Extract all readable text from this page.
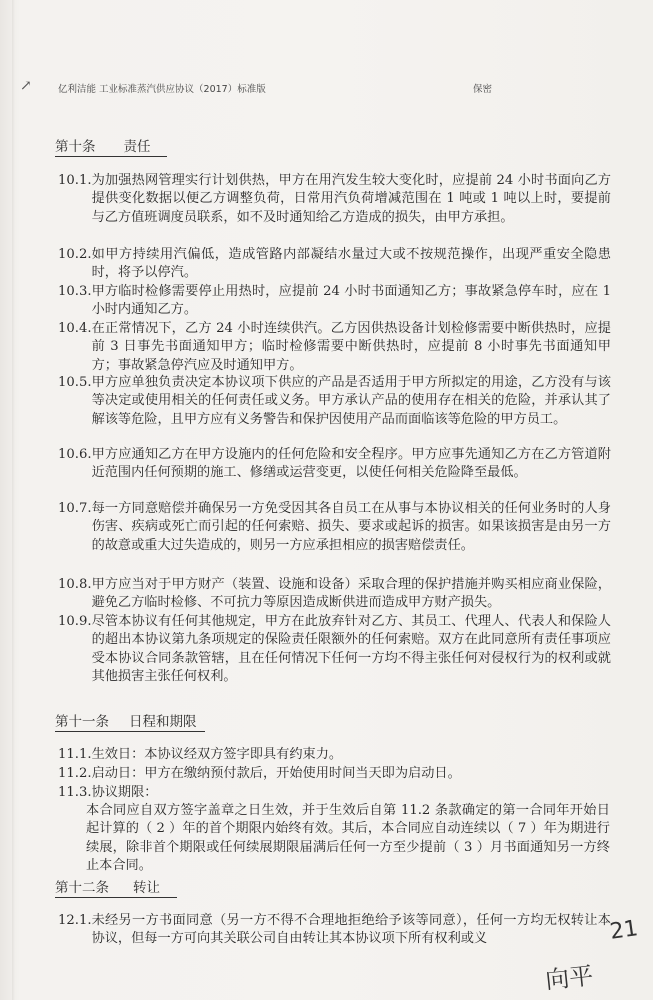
↗	亿利洁能 工业标准蒸汽供应协议（2017）标准版	保密
第十条 责任
10.1. 为加强热网管理实行计划供热，甲方在用汽发生较大变化时，应提前 24 小时书面向乙方提供变化数据以便乙方调整负荷，日常用汽负荷增减范围在 1 吨或 1 吨以上时，要提前与乙方值班调度员联系，如不及时通知给乙方造成的损失，由甲方承担。
10.2. 如甲方持续用汽偏低，造成管路内部凝结水量过大或不按规范操作，出现严重安全隐患时，将予以停汽。
10.3. 甲方临时检修需要停止用热时，应提前 24 小时书面通知乙方；事故紧急停车时，应在 1 小时内通知乙方。
10.4. 在正常情况下，乙方 24 小时连续供汽。乙方因供热设备计划检修需要中断供热时，应提前 3 日事先书面通知甲方；临时检修需要中断供热时，应提前 8 小时事先书面通知甲方；事故紧急停汽应及时通知甲方。
10.5. 甲方应单独负责决定本协议项下供应的产品是否适用于甲方所拟定的用途，乙方没有与该等决定或使用相关的任何责任或义务。甲方承认产品的使用存在相关的危险，并承认其了解该等危险，且甲方应有义务警告和保护因使用产品而面临该等危险的甲方员工。
10.6. 甲方应通知乙方在甲方设施内的任何危险和安全程序。甲方应事先通知乙方在乙方管道附近范围内任何预期的施工、修缮或运营变更，以使任何相关危险降至最低。
10.7. 每一方同意赔偿并确保另一方免受因其各自员工在从事与本协议相关的任何业务时的人身伤害、疾病或死亡而引起的任何索赔、损失、要求或起诉的损害。如果该损害是由另一方的故意或重大过失造成的，则另一方应承担相应的损害赔偿责任。
10.8. 甲方应当对于甲方财产（装置、设施和设备）采取合理的保护措施并购买相应商业保险，避免乙方临时检修、不可抗力等原因造成断供进而造成甲方财产损失。
10.9. 尽管本协议有任何其他规定，甲方在此放弃针对乙方、其员工、代理人、代表人和保险人的超出本协议第九条项规定的保险责任限额外的任何索赔。双方在此同意所有责任事项应受本协议合同条款管辖，且在任何情况下任何一方均不得主张任何对侵权行为的权利或就其他损害主张任何权利。
第十一条 日程和期限
11.1.生效日：本协议经双方签字即具有约束力。
11.2.启动日：甲方在缴纳预付款后，开始使用时间当天即为启动日。
11.3.协议期限：
本合同应自双方签字盖章之日生效，并于生效后自第 11.2 条款确定的第一合同年开始日起计算的（ 2 ）年的首个期限内始终有效。其后，本合同应自动连续以（ 7 ）年为期进行续展，除非首个期限或任何续展期限届满后任何一方至少提前（ 3 ）月书面通知另一方终止本合同。
第十二条 转让
12.1. 未经另一方书面同意（另一方不得不合理地拒绝给予该等同意），任何一方均无权转让本协议，但每一方可向其关联公司自由转让其本协议项下所有权利或义	21
向平
